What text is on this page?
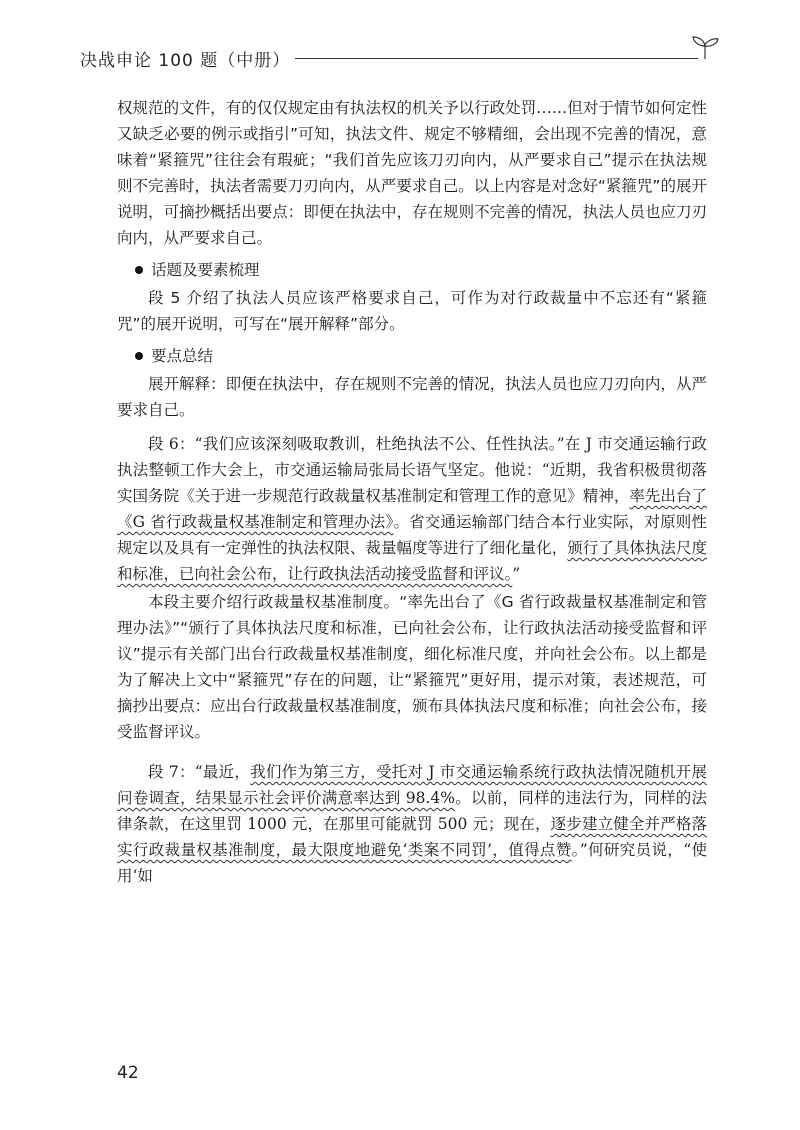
决战申论 100 题（中册）

权规范的文件，有的仅仅规定由有执法权的机关予以行政处罚……但对于情节如何定性又缺乏必要的例示或指引”可知，执法文件、规定不够精细，会出现不完善的情况，意味着“紧箍咒”往往会有瑕疵；“我们首先应该刀刃向内，从严要求自己”提示在执法规则不完善时，执法者需要刀刃向内，从严要求自己。以上内容是对念好“紧箍咒”的展开说明，可摘抄概括出要点：即便在执法中，存在规则不完善的情况，执法人员也应刀刃向内，从严要求自己。

话题及要素梳理

段 5 介绍了执法人员应该严格要求自己，可作为对行政裁量中不忘还有“紧箍咒”的展开说明，可写在“展开解释”部分。

要点总结

展开解释：即便在执法中，存在规则不完善的情况，执法人员也应刀刃向内，从严要求自己。

段 6：“我们应该深刻吸取教训，杜绝执法不公、任性执法。”在 J 市交通运输行政执法整顿工作大会上，市交通运输局张局长语气坚定。他说：“近期，我省积极贯彻落实国务院《关于进一步规范行政裁量权基准制定和管理工作的意见》精神，率先出台了《G 省行政裁量权基准制定和管理办法》。省交通运输部门结合本行业实际，对原则性规定以及具有一定弹性的执法权限、裁量幅度等进行了细化量化，颁行了具体执法尺度和标准，已向社会公布，让行政执法活动接受监督和评议。”

本段主要介绍行政裁量权基准制度。“率先出台了《G 省行政裁量权基准制定和管理办法》”“颁行了具体执法尺度和标准，已向社会公布，让行政执法活动接受监督和评议”提示有关部门出台行政裁量权基准制度，细化标准尺度，并向社会公布。以上都是为了解决上文中“紧箍咒”存在的问题，让“紧箍咒”更好用，提示对策，表述规范，可摘抄出要点：应出台行政裁量权基准制度，颁布具体执法尺度和标准；向社会公布，接受监督评议。

段 7：“最近，我们作为第三方，受托对 J 市交通运输系统行政执法情况随机开展问卷调查，结果显示社会评价满意率达到 98.4%。以前，同样的违法行为，同样的法律条款，在这里罚 1000 元，在那里可能就罚 500 元；现在，逐步建立健全并严格落实行政裁量权基准制度，最大限度地避免‘类案不同罚’，值得点赞。”何研究员说，“使用‘如
42
